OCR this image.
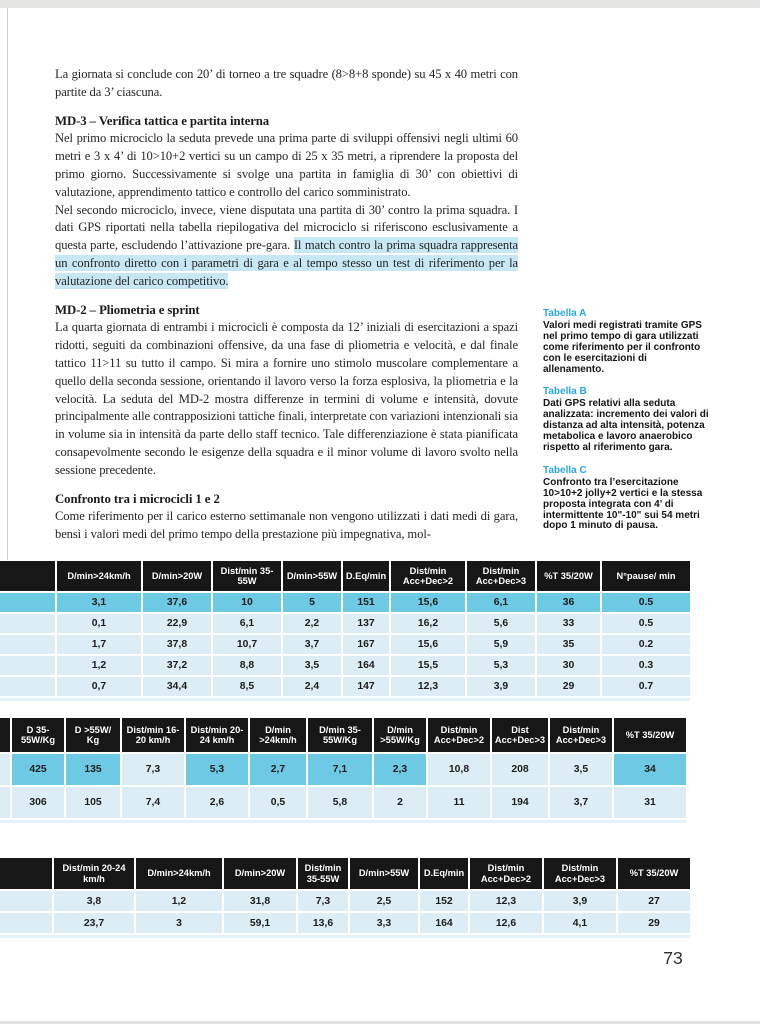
La giornata si conclude con 20’ di torneo a tre squadre (8>8+8 sponde) su 45 x 40 metri con partite da 3’ ciascuna.

MD-3 – Verifica tattica e partita interna

Nel primo microciclo la seduta prevede una prima parte di sviluppi offensivi negli ultimi 60 metri e 3 x 4’ di 10>10+2 vertici su un campo di 25 x 35 metri, a riprendere la proposta del primo giorno. Successivamente si svolge una partita in famiglia di 30’ con obiettivi di valutazione, apprendimento tattico e controllo del carico somministrato.

Nel secondo microciclo, invece, viene disputata una partita di 30’ contro la prima squadra. I dati GPS riportati nella tabella riepilogativa del microciclo si riferiscono esclusivamente a questa parte, escludendo l’attivazione pre-gara. Il match contro la prima squadra rappresenta un confronto diretto con i parametri di gara e al tempo stesso un test di riferimento per la valutazione del carico competitivo.

MD-2 – Pliometria e sprint

La quarta giornata di entrambi i microcicli è composta da 12’ iniziali di esercitazioni a spazi ridotti, seguiti da combinazioni offensive, da una fase di pliometria e velocità, e dal finale tattico 11>11 su tutto il campo. Si mira a fornire uno stimolo muscolare complementare a quello della seconda sessione, orientando il lavoro verso la forza esplosiva, la pliometria e la velocità. La seduta del MD-2 mostra differenze in termini di volume e intensità, dovute principalmente alle contrapposizioni tattiche finali, interpretate con variazioni intenzionali sia in volume sia in intensità da parte dello staff tecnico. Tale differenziazione è stata pianificata consapevolmente secondo le esigenze della squadra e il minor volume di lavoro svolto nella sessione precedente.

Confronto tra i microcicli 1 e 2

Come riferimento per il carico esterno settimanale non vengono utilizzati i dati medi di gara, bensì i valori medi del primo tempo della prestazione più impegnativa, mol-

Tabella A
Valori medi registrati tramite GPS nel primo tempo di gara utilizzati come riferimento per il confronto con le esercitazioni di allenamento.
Tabella B
Dati GPS relativi alla seduta analizzata: incremento dei valori di distanza ad alta intensità, potenza metabolica e lavoro anaerobico rispetto al riferimento gara.
Tabella C
Confronto tra l’esercitazione 10>10+2 jolly+2 vertici e la stessa proposta integrata con 4’ di intermittente 10"-10" sui 54 metri dopo 1 minuto di pausa.
D/min>24km/h	D/min>20W
Dist/min 35-55W
D/min>55W D.Eq/min
Dist/min Acc+Dec>2
Dist/min Acc+Dec>3
%T 35/20W	N°pause/ min
3,1	37,6	10	5	151	15,6	6,1	36	0.5
0,1	22,9	6,1	2,2	137	16,2	5,6	33	0.5
1,7	37,8	10,7	3,7	167	15,6	5,9	35	0.2
1,2	37,2	8,8	3,5	164	15,5	5,3	30	0.3
0,7	34,4	8,5	2,4	147	12,3	3,9	29	0.7
D 35-55W/Kg
D >55W/ Kg
Dist/min 16-20 km/h
Dist/min 20-24 km/h
D/min >24km/h
D/min 35-55W/Kg
D/min >55W/Kg
Dist/min Acc+Dec>2
Dist Acc+Dec>3
Dist/min Acc+Dec>3
%T 35/20W
425	135	7,3	5,3	2,7	7,1	2,3	10,8	208	3,5	34
306	105	7,4	2,6	0,5	5,8	2	11	194	3,7	31
Dist/min 20-24 km/h
D/min>24km/h	D/min>20W
Dist/min 35-55W
D/min>55W	D.Eq/min
Dist/min Acc+Dec>2
Dist/min Acc+Dec>3
%T 35/20W
3,8	1,2	31,8	7,3	2,5	152	12,3	3,9	27
23,7	3	59,1	13,6	3,3	164	12,6	4,1	29
73
